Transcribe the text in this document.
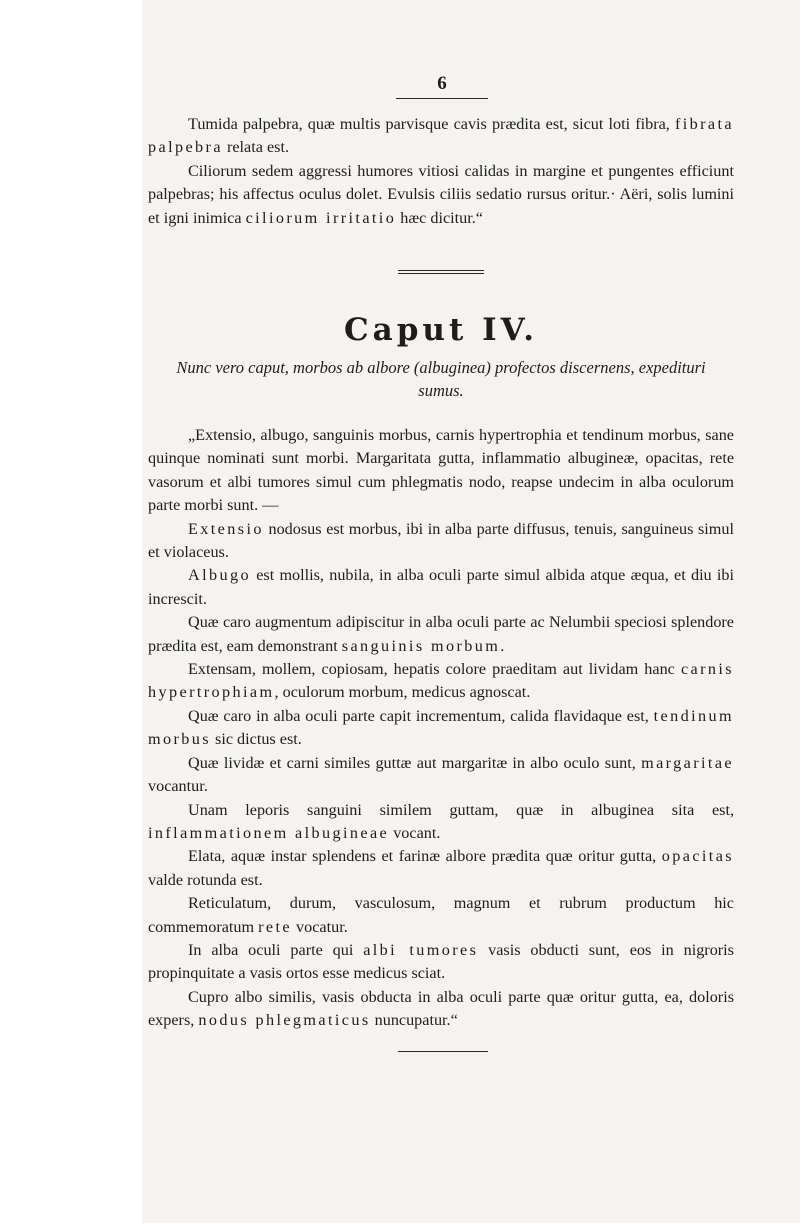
6

Tumida palpebra, quæ multis parvisque cavis prædita est, sicut loti fibra, fibrata palpebra relata est.

Ciliorum sedem aggressi humores vitiosi calidas in margine et pungentes efficiunt palpebras; his affectus oculus dolet. Evulsis ciliis sedatio rursus oritur.· Aëri, solis lumini et igni inimica ciliorum irritatio hæc dicitur.“

Caput IV.
Nunc vero caput, morbos ab albore (albuginea) profectos discernens, expedituri sumus.

„Extensio, albugo, sanguinis morbus, carnis hypertrophia et tendinum morbus, sane quinque nominati sunt morbi. Margaritata gutta, inflammatio albugineæ, opacitas, rete vasorum et albi tumores simul cum phlegmatis nodo, reapse undecim in alba oculorum parte morbi sunt. —

Extensio nodosus est morbus, ibi in alba parte diffusus, tenuis, sanguineus simul et violaceus.

Albugo est mollis, nubila, in alba oculi parte simul albida atque æqua, et diu ibi increscit.

Quæ caro augmentum adipiscitur in alba oculi parte ac Nelumbii speciosi splendore prædita est, eam demonstrant sanguinis morbum.

Extensam, mollem, copiosam, hepatis colore praeditam aut lividam hanc carnis hypertrophiam, oculorum morbum, medicus agnoscat.

Quæ caro in alba oculi parte capit incrementum, calida flavidaque est, tendinum morbus sic dictus est.

Quæ lividæ et carni similes guttæ aut margaritæ in albo oculo sunt, margaritae vocantur.

Unam leporis sanguini similem guttam, quæ in albuginea sita est, inflammationem albugineae vocant.

Elata, aquæ instar splendens et farinæ albore prædita quæ oritur gutta, opacitas valde rotunda est.

Reticulatum, durum, vasculosum, magnum et rubrum productum hic commemoratum rete vocatur.

In alba oculi parte qui albi tumores vasis obducti sunt, eos in nigroris propinquitate a vasis ortos esse medicus sciat.

Cupro albo similis, vasis obducta in alba oculi parte quæ oritur gutta, ea, doloris expers, nodus phlegmaticus nuncupatur.“
